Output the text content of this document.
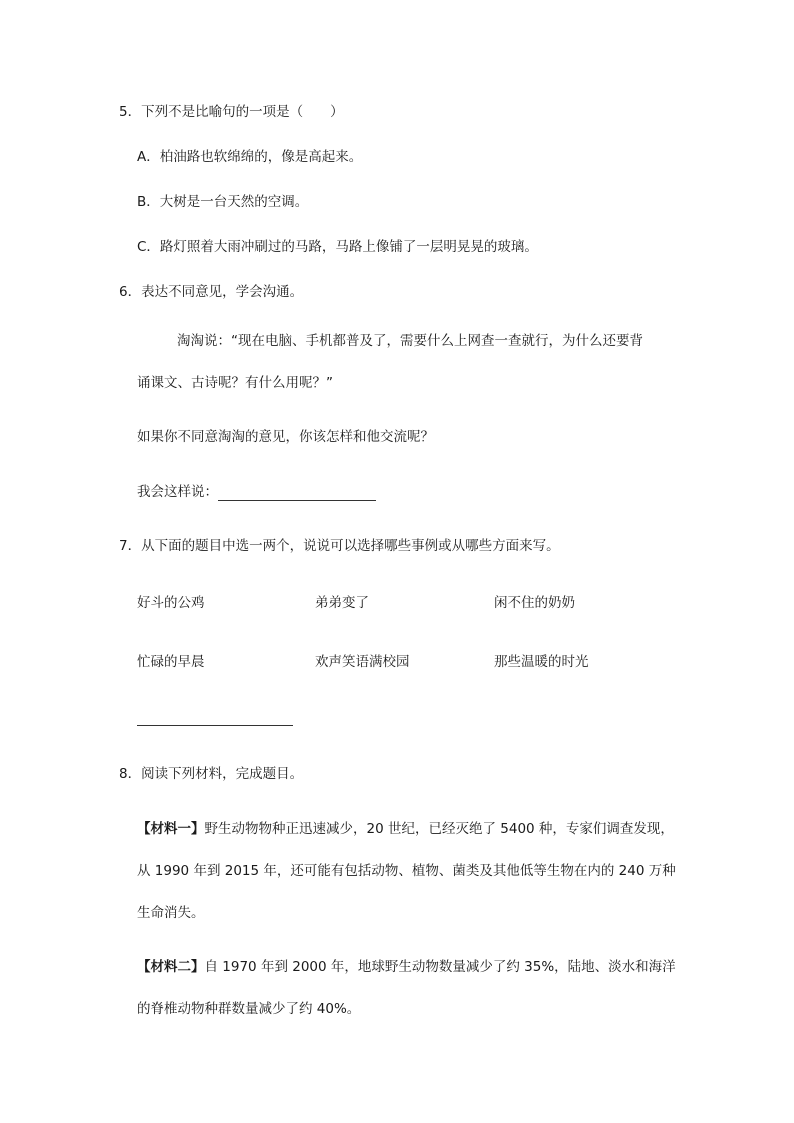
5．下列不是比喻句的一项是（　　）
A．柏油路也软绵绵的，像是高起来。
B．大树是一台天然的空调。
C．路灯照着大雨冲刷过的马路，马路上像铺了一层明晃晃的玻璃。
6．表达不同意见，学会沟通。
淘淘说：“现在电脑、手机都普及了，需要什么上网查一查就行，为什么还要背
诵课文、古诗呢？有什么用呢？”
如果你不同意淘淘的意见，你该怎样和他交流呢？
我会这样说：
7．从下面的题目中选一两个，说说可以选择哪些事例或从哪些方面来写。
好斗的公鸡	弟弟变了	闲不住的奶奶
忙碌的早晨	欢声笑语满校园	那些温暖的时光
8．阅读下列材料，完成题目。
【材料一】野生动物物种正迅速减少，20 世纪，已经灭绝了 5400 种，专家们调查发现，
从 1990 年到 2015 年，还可能有包括动物、植物、菌类及其他低等生物在内的 240 万种
生命消失。
【材料二】自 1970 年到 2000 年，地球野生动物数量减少了约 35%，陆地、淡水和海洋
的脊椎动物种群数量减少了约 40%。
